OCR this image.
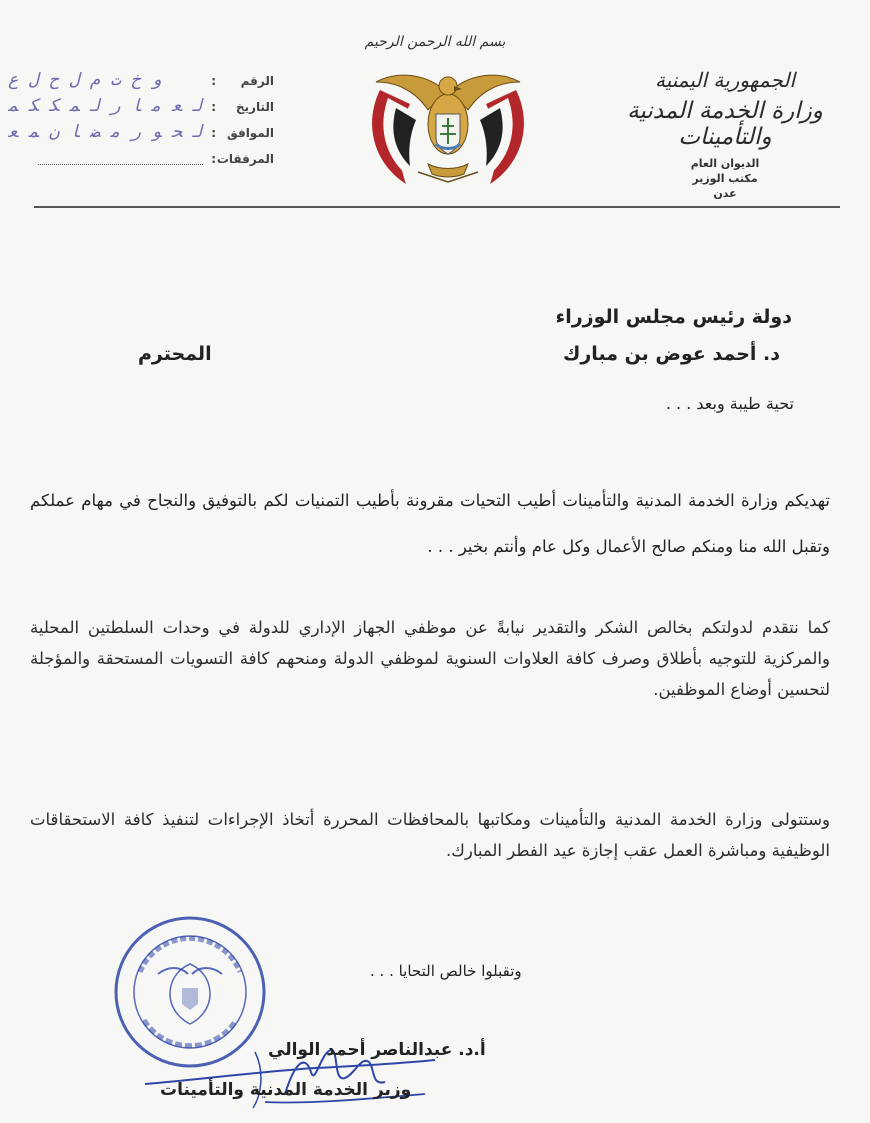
الجمهورية اليمنية
وزارة الخدمة المدنية والتأمينات
الديوان العام
مكتب الوزير
عدن
بسم الله الرحمن الرحيم
الرقم
:
ﻭ ﺥ ﺕ ﻡ ﻝ ﺡ ﻝ ﻉ
التاريخ
:
ﻟ ﻌ ﻣ ﺎ ﺭ ﻟ ﻤ ﻜ ﻜ ﻤ
الموافق
:
ﻟ ﺤ ﻮ ﺭ ﻣ ﻀ ﺎ ﻥ ﻤ ﻌ
المرفقات
:
دولة رئيس مجلس الوزراء
د. أحمد عوض بن مبارك
المحترم
تحية طيبة وبعد . . .
تهديكم وزارة الخدمة المدنية والتأمينات أطيب التحيات مقرونة بأطيب التمنيات لكم بالتوفيق والنجاح في مهام عملكم وتقبل الله منا ومنكم صالح الأعمال وكل عام وأنتم بخير . . .
كما نتقدم لدولتكم بخالص الشكر والتقدير نيابةً عن موظفي الجهاز الإداري للدولة في وحدات السلطتين المحلية والمركزية للتوجيه بأطلاق وصرف كافة العلاوات السنوية لموظفي الدولة ومنحهم كافة التسويات المستحقة والمؤجلة لتحسين أوضاع الموظفين.
وستتولى وزارة الخدمة المدنية والتأمينات ومكاتبها بالمحافظات المحررة أتخاذ الإجراءات لتنفيذ كافة الاستحقاقات الوظيفية ومباشرة العمل عقب إجازة عيد الفطر المبارك.
وتقبلوا خالص التحايا . . .
أ.د. عبدالناصر أحمد الوالي
وزير الخدمة المدنية والتأمينات
